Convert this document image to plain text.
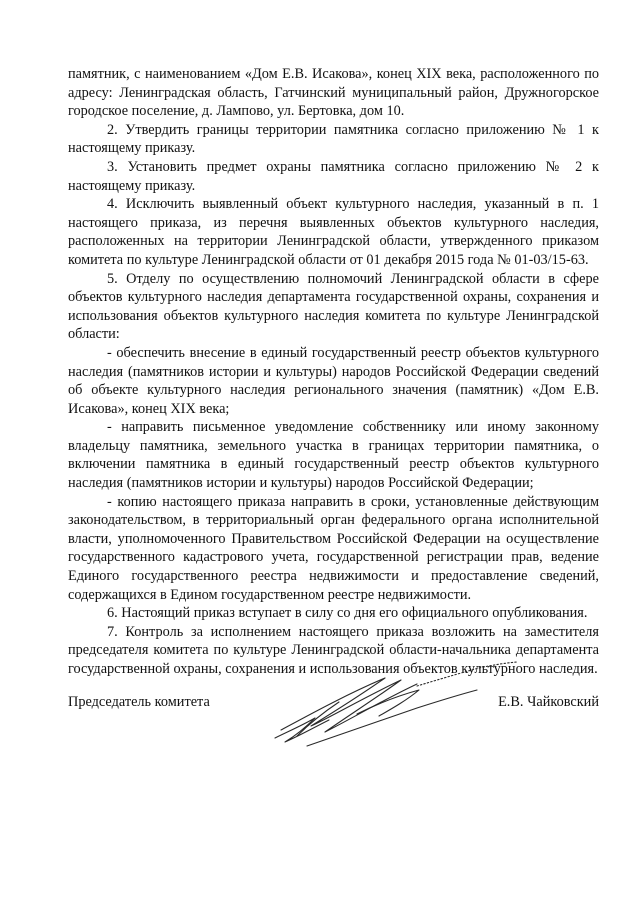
памятник, с наименованием «Дом Е.В. Исакова», конец XIX века, расположенного по адресу: Ленинградская область, Гатчинский муниципальный район, Дружногорское городское поселение, д. Лампово, ул. Бертовка, дом 10.

2. Утвердить границы территории памятника согласно приложению № 1 к настоящему приказу.

3. Установить предмет охраны памятника согласно приложению № 2 к настоящему приказу.

4. Исключить выявленный объект культурного наследия, указанный в п. 1 настоящего приказа, из перечня выявленных объектов культурного наследия, расположенных на территории Ленинградской области, утвержденного приказом комитета по культуре Ленинградской области от 01 декабря 2015 года № 01-03/15-63.

5. Отделу по осуществлению полномочий Ленинградской области в сфере объектов культурного наследия департамента государственной охраны, сохранения и использования объектов культурного наследия комитета по культуре Ленинградской области:

- обеспечить внесение в единый государственный реестр объектов культурного наследия (памятников истории и культуры) народов Российской Федерации сведений об объекте культурного наследия регионального значения (памятник) «Дом Е.В. Исакова», конец XIX века;

- направить письменное уведомление собственнику или иному законному владельцу памятника, земельного участка в границах территории памятника, о включении памятника в единый государственный реестр объектов культурного наследия (памятников истории и культуры) народов Российской Федерации;

- копию настоящего приказа направить в сроки, установленные действующим законодательством, в территориальный орган федерального органа исполнительной власти, уполномоченного Правительством Российской Федерации на осуществление государственного кадастрового учета, государственной регистрации прав, ведение Единого государственного реестра недвижимости и предоставление сведений, содержащихся в Едином государственном реестре недвижимости.

6. Настоящий приказ вступает в силу со дня его официального опубликования.

7. Контроль за исполнением настоящего приказа возложить на заместителя председателя комитета по культуре Ленинградской области-начальника департамента государственной охраны, сохранения и использования объектов культурного наследия.

Председатель комитета	Е.В. Чайковский
